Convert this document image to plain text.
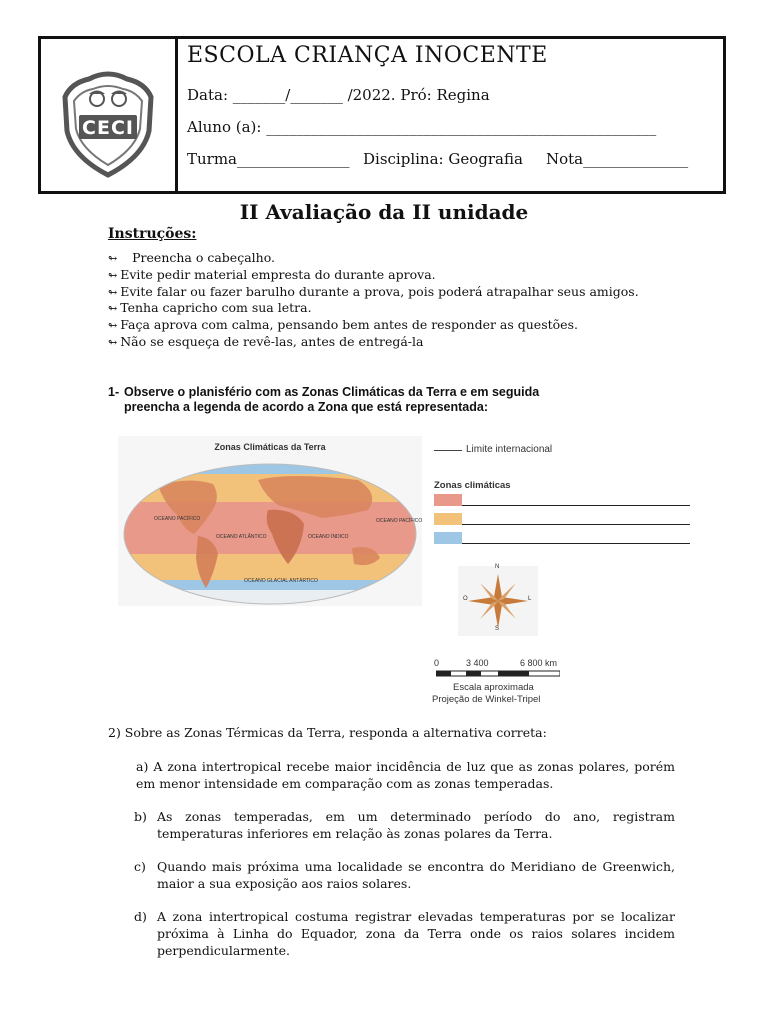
CECI
ESCOLA CRIANÇA INOCENTE
Data: _______/_______ /2022. Pró: Regina
Aluno (a): ____________________________________________________
Turma_______________ Disciplina: Geografia Nota______________
II Avaliação da II unidade
Instruções:
↬ Preencha o cabeçalho.
↬ Evite pedir material empresta do durante aprova.
↬ Evite falar ou fazer barulho durante a prova, pois poderá atrapalhar seus amigos.
↬ Tenha capricho com sua letra.
↬ Faça aprova com calma, pensando bem antes de responder as questões.
↬ Não se esqueça de revê-las, antes de entregá-la
1- Observe o planisfério com as Zonas Climáticas da Terra e em seguida
preencha a legenda de acordo a Zona que está representada:
OCEANO PACÍFICO
OCEANO ATLÂNTICO	OCEANO ÍNDICO
OCEANO PACÍFICO
OCEANO GLACIAL ANTÁRTICO
Zonas Climáticas da Terra	Limite internacional
Zonas climáticas
N
S
O	L
0	3 400	6 800 km
Escala aproximada
Projeção de Winkel-Tripel
2) Sobre as Zonas Térmicas da Terra, responda a alternativa correta:
a) A zona intertropical recebe maior incidência de luz que as zonas polares, porém em menor intensidade em comparação com as zonas temperadas.
b) As zonas temperadas, em um determinado período do ano, registram temperaturas inferiores em relação às zonas polares da Terra.
c) Quando mais próxima uma localidade se encontra do Meridiano de Greenwich, maior a sua exposição aos raios solares.
d) A zona intertropical costuma registrar elevadas temperaturas por se localizar próxima à Linha do Equador, zona da Terra onde os raios solares incidem perpendicularmente.
